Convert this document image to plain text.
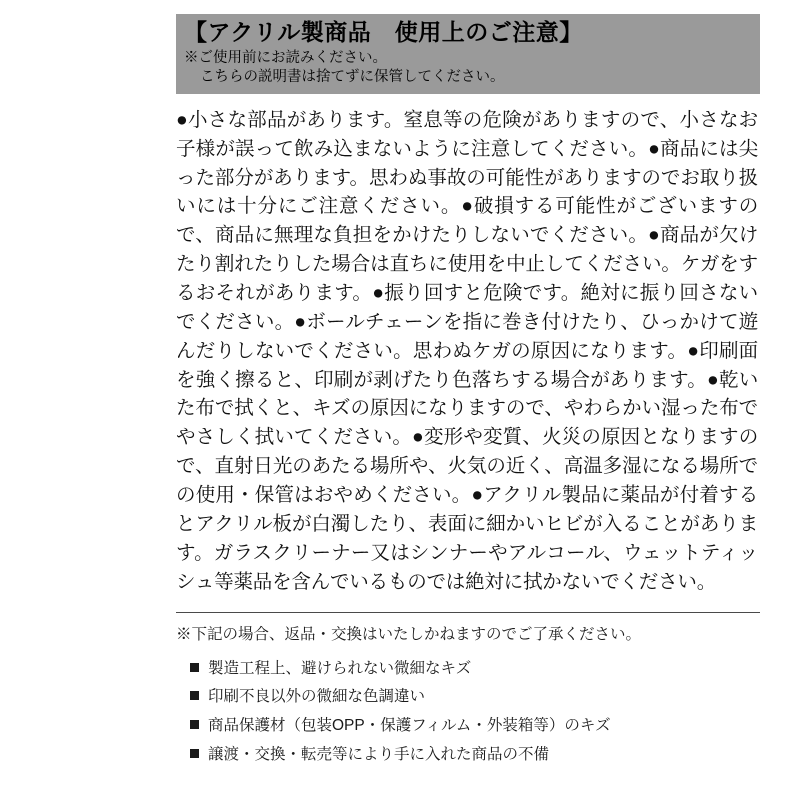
【アクリル製商品　使用上のご注意】
※ご使用前にお読みください。
こちらの説明書は捨てずに保管してください。
●小さな部品があります。窒息等の危険がありますので、小さなお子様が誤って飲み込まないように注意してください。●商品には尖った部分があります。思わぬ事故の可能性がありますのでお取り扱いには十分にご注意ください。●破損する可能性がございますので、商品に無理な負担をかけたりしないでください。●商品が欠けたり割れたりした場合は直ちに使用を中止してください。ケガをするおそれがあります。●振り回すと危険です。絶対に振り回さないでください。●ボールチェーンを指に巻き付けたり、ひっかけて遊んだりしないでください。思わぬケガの原因になります。●印刷面を強く擦ると、印刷が剥げたり色落ちする場合があります。●乾いた布で拭くと、キズの原因になりますので、やわらかい湿った布でやさしく拭いてください。●変形や変質、火災の原因となりますので、直射日光のあたる場所や、火気の近く、高温多湿になる場所での使用・保管はおやめください。●アクリル製品に薬品が付着するとアクリル板が白濁したり、表面に細かいヒビが入ることがあります。ガラスクリーナー又はシンナーやアルコール、ウェットティッシュ等薬品を含んでいるものでは絶対に拭かないでください。
※下記の場合、返品・交換はいたしかねますのでご了承ください。
製造工程上、避けられない微細なキズ
印刷不良以外の微細な色調違い
商品保護材（包装OPP・保護フィルム・外装箱等）のキズ
譲渡・交換・転売等により手に入れた商品の不備
